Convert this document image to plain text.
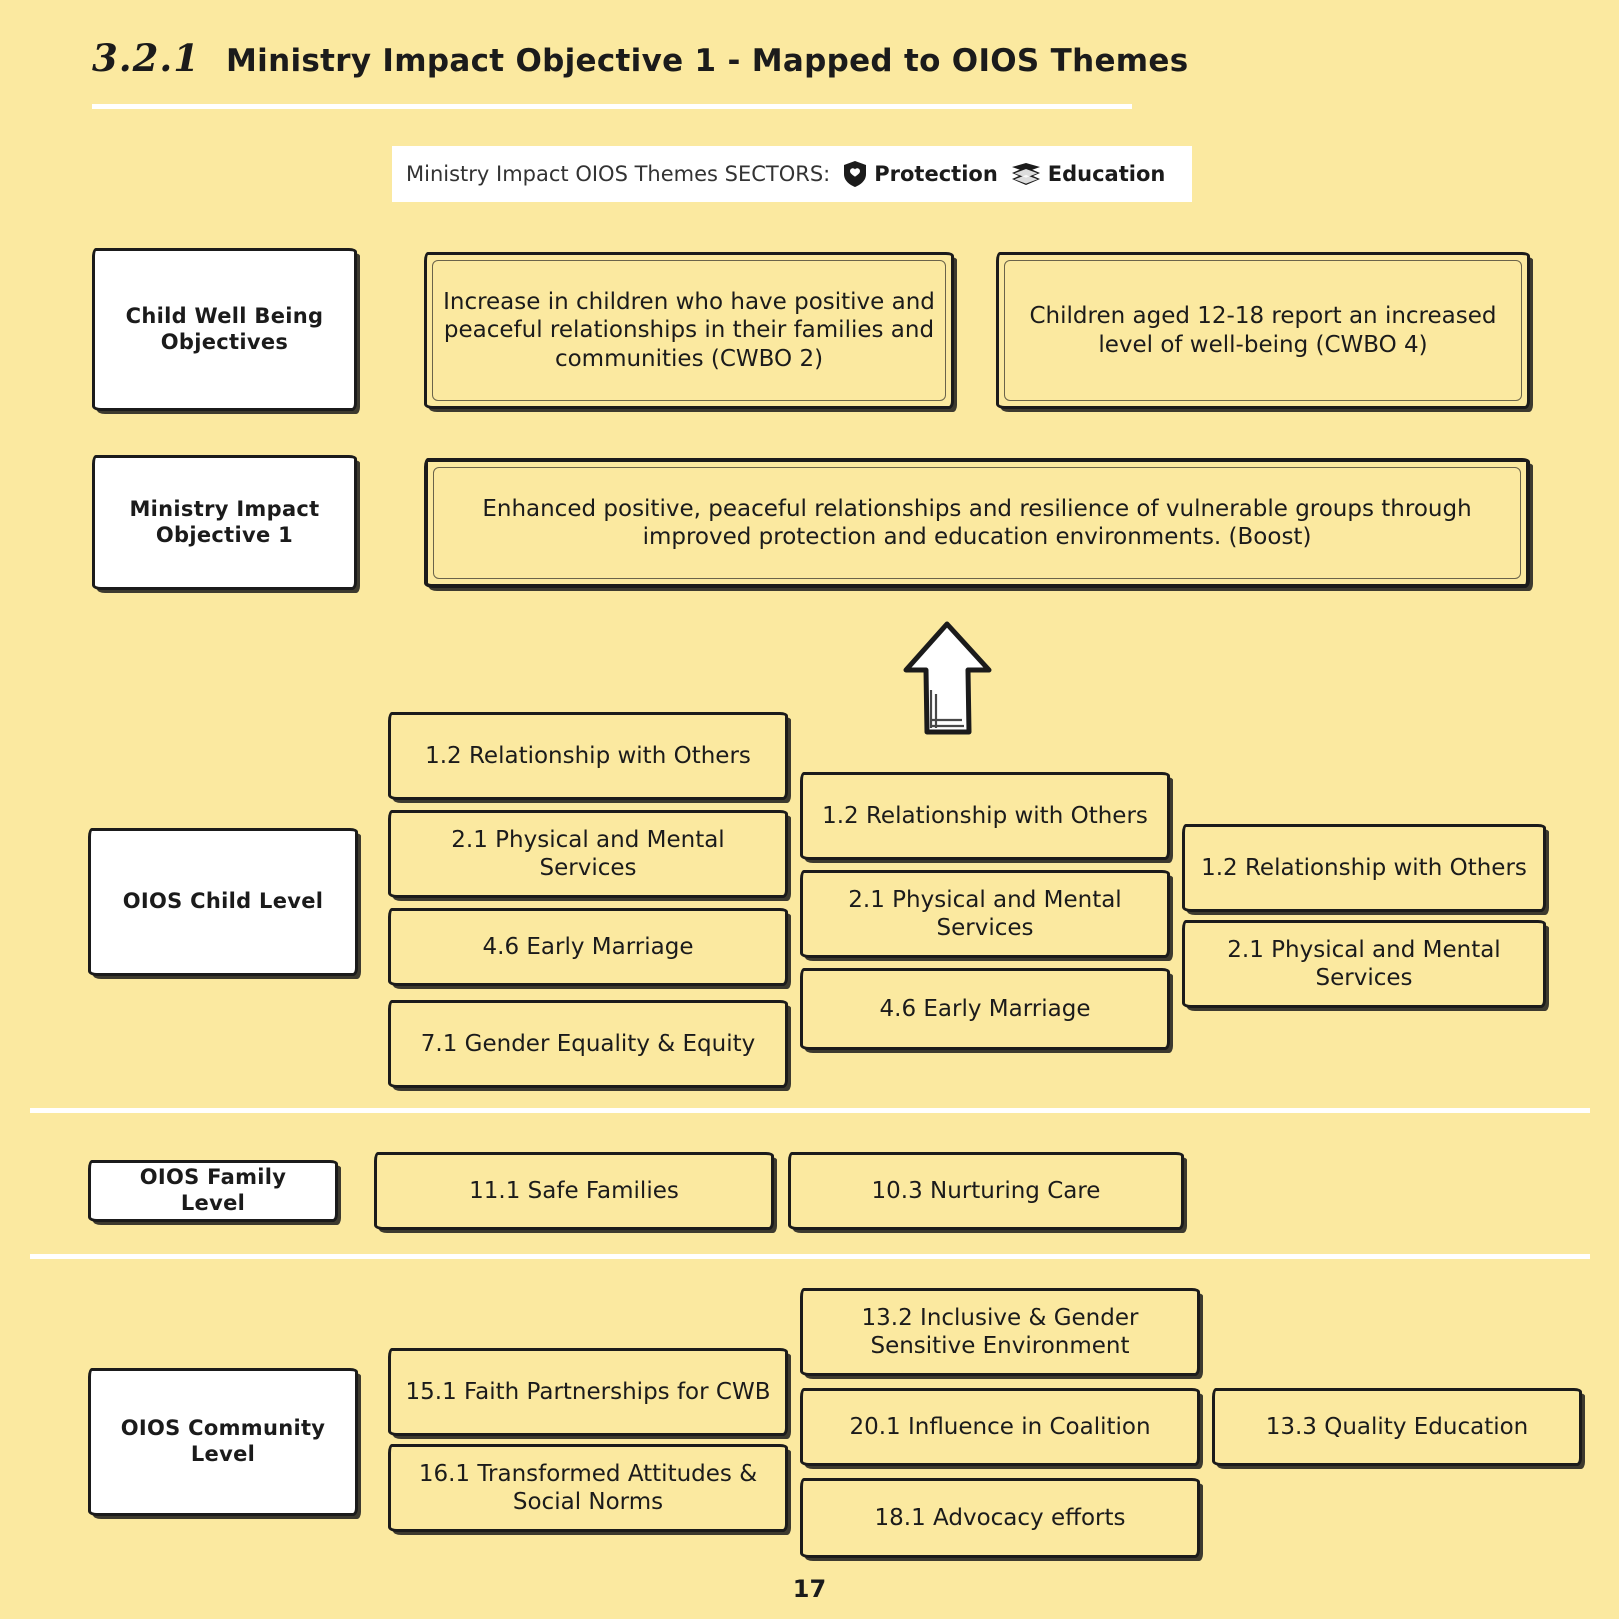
3.2.1 Ministry Impact Objective 1 - Mapped to OIOS Themes
Ministry Impact OIOS Themes SECTORS: Protection Education
Child Well Being
Objectives
Increase in children who have positive and peaceful relationships in their families and communities (CWBO 2)
Children aged 12-18 report an increased level of well-being (CWBO 4)
Ministry Impact
Objective 1
Enhanced positive, peaceful relationships and resilience of vulnerable groups through improved protection and education environments. (Boost)
OIOS Child Level
1.2 Relationship with Others
2.1 Physical and Mental Services
4.6 Early Marriage
7.1 Gender Equality & Equity
1.2 Relationship with Others
2.1 Physical and Mental Services
4.6 Early Marriage
1.2 Relationship with Others
2.1 Physical and Mental Services
OIOS Family Level	11.1 Safe Families	10.3 Nurturing Care
OIOS Community
Level
15.1 Faith Partnerships for CWB
16.1 Transformed Attitudes & Social Norms
13.2 Inclusive & Gender Sensitive Environment
20.1 Influence in Coalition
18.1 Advocacy efforts
13.3 Quality Education
17
